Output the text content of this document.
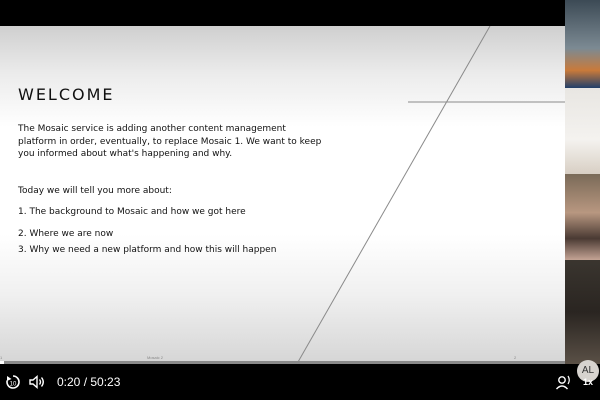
WELCOME

The Mosaic service is adding another content management platform in order, eventually, to replace Mosaic 1. We want to keep you informed about what's happening and why.

Today we will tell you more about:

1. The background to Mosaic and how we got here

2. Where we are now

3. Why we need a new platform and how this will happen

1	Mosaic 2	2
10	0:20 / 50:23
AL
1x
